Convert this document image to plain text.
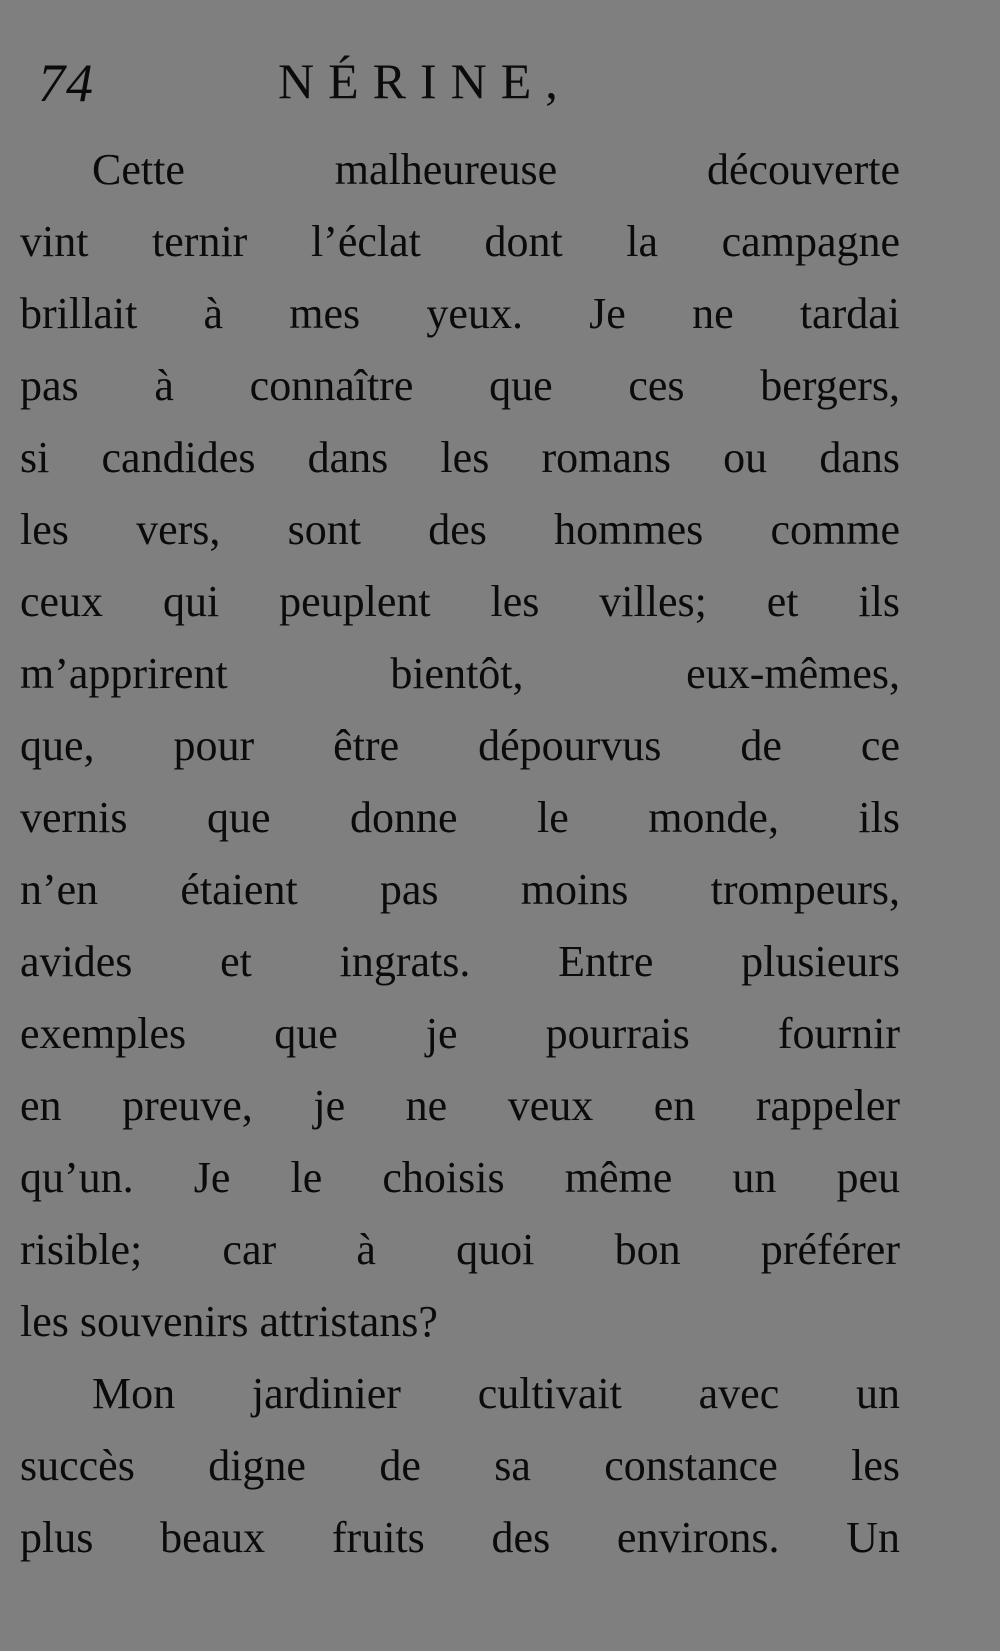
74	NÉRINE,
Cette malheureuse découverte
vint ternir l’éclat dont la campagne
brillait à mes yeux. Je ne tardai
pas à connaître que ces bergers,
si candides dans les romans ou dans
les vers, sont des hommes comme
ceux qui peuplent les villes; et ils
m’apprirent bientôt, eux-mêmes,
que, pour être dépourvus de ce
vernis que donne le monde, ils
n’en étaient pas moins trompeurs,
avides et ingrats. Entre plusieurs
exemples que je pourrais fournir
en preuve, je ne veux en rappeler
qu’un. Je le choisis même un peu
risible; car à quoi bon préférer
les souvenirs attristans?
Mon jardinier cultivait avec un
succès digne de sa constance les
plus beaux fruits des environs. Un
